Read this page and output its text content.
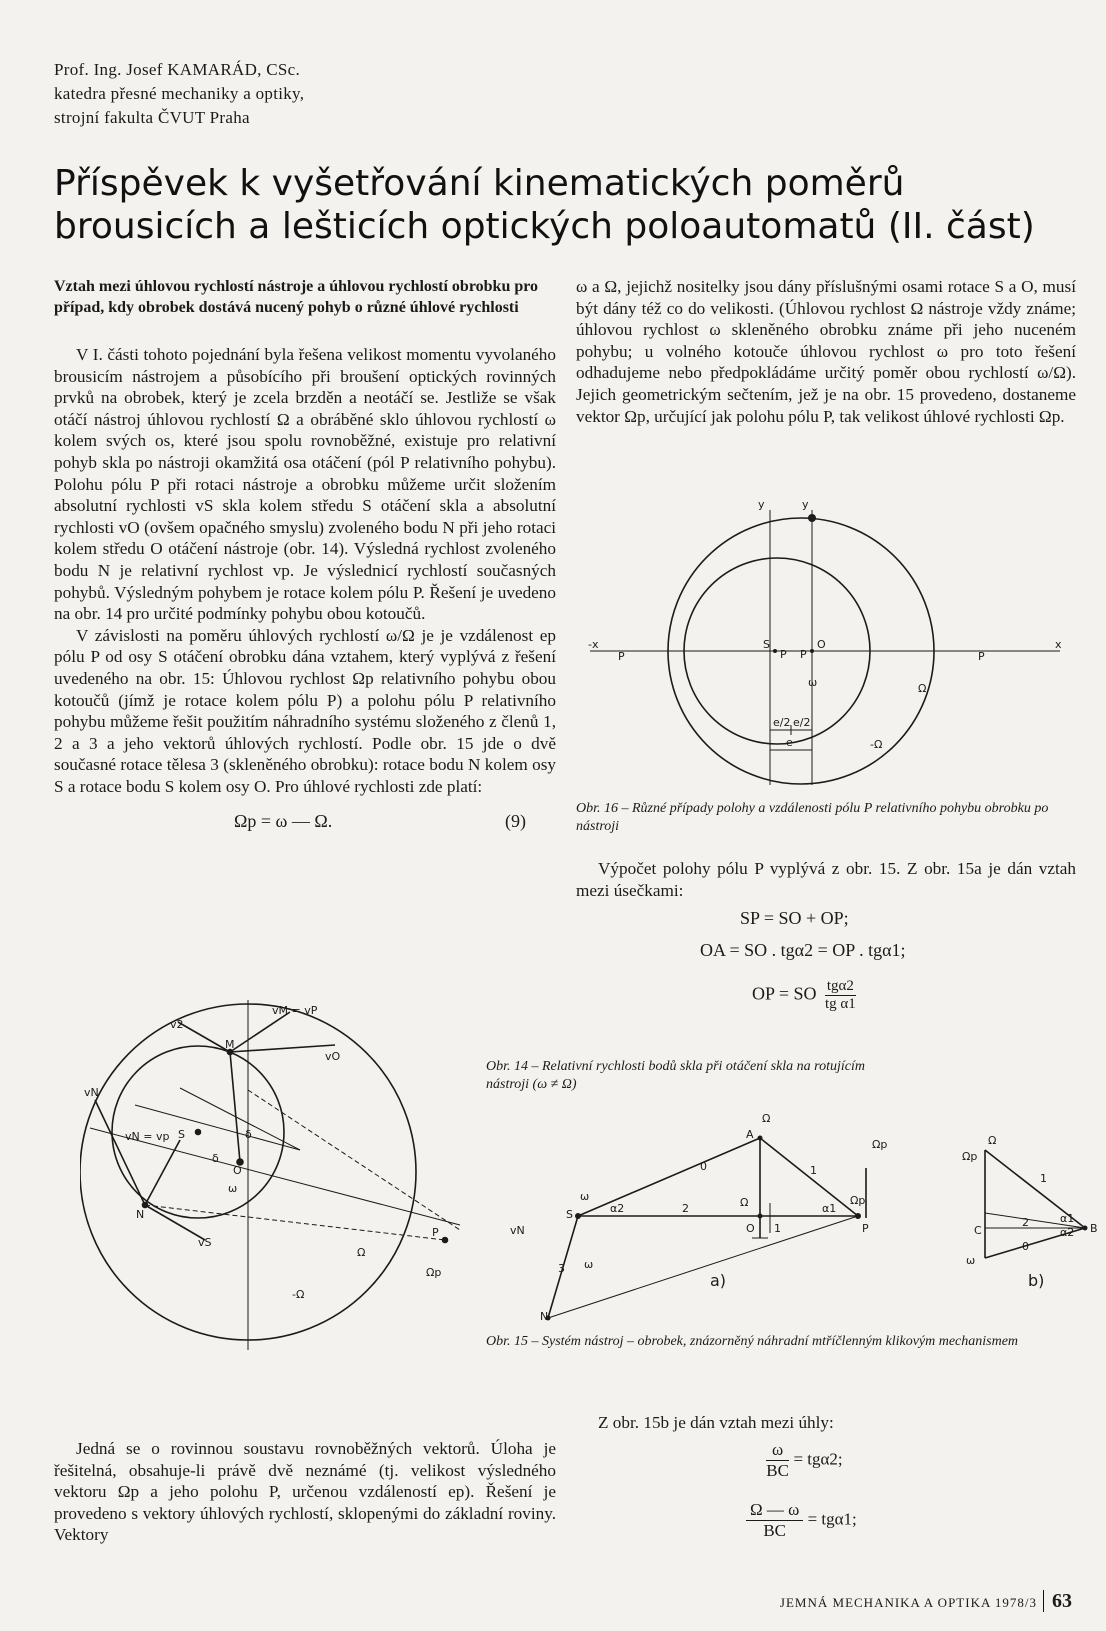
Prof. Ing. Josef KAMARÁD, CSc.
katedra přesné mechaniky a optiky,
strojní fakulta ČVUT Praha
Příspěvek k vyšetřování kinematických poměrů brousicích a lešticích optických poloautomatů (II. část)
Vztah mezi úhlovou rychlostí nástroje a úhlovou rychlostí obrobku pro případ, kdy obrobek dostává nucený pohyb o různé úhlové rychlosti

V I. části tohoto pojednání byla řešena velikost momentu vyvolaného brousicím nástrojem a působícího při broušení optických rovinných prvků na obrobek, který je zcela brzděn a neotáčí se. Jestliže se však otáčí nástroj úhlovou rychlostí Ω a obráběné sklo úhlovou rychlostí ω kolem svých os, které jsou spolu rovnoběžné, existuje pro relativní pohyb skla po nástroji okamžitá osa otáčení (pól P relativního pohybu). Polohu pólu P při rotaci nástroje a obrobku můžeme určit složením absolutní rychlosti vS skla kolem středu S otáčení skla a absolutní rychlosti vO (ovšem opačného smyslu) zvoleného bodu N při jeho rotaci kolem středu O otáčení nástroje (obr. 14). Výsledná rychlost zvoleného bodu N je relativní rychlost vp. Je výslednicí rychlostí současných pohybů. Výsledným pohybem je rotace kolem pólu P. Řešení je uvedeno na obr. 14 pro určité podmínky pohybu obou kotoučů.

V závislosti na poměru úhlových rychlostí ω/Ω je je vzdálenost ep pólu P od osy S otáčení obrobku dána vztahem, který vyplývá z řešení uvedeného na obr. 15: Úhlovou rychlost Ωp relativního pohybu obou kotoučů (jímž je rotace kolem pólu P) a polohu pólu P relativního pohybu můžeme řešit použitím náhradního systému složeného z členů 1, 2 a 3 a jeho vektorů úhlových rychlostí. Podle obr. 15 jde o dvě současné rotace tělesa 3 (skleněného obrobku): rotace bodu N kolem osy S a rotace bodu S kolem osy O. Pro úhlové rychlosti zde platí:

Ωp = ω — Ω.	(9)
vM = vP
v2
M
vO
vN
vN = vp S	δ
δ
O
ω
N
vS
P
Ω
-Ω
Ωp

Jedná se o rovinnou soustavu rovnoběžných vektorů. Úloha je řešitelná, obsahuje-li právě dvě neznámé (tj. velikost výsledného vektoru Ωp a jeho polohu P, určenou vzdáleností ep). Řešení je provedeno s vektory úhlových rychlostí, sklopenými do základní roviny. Vektory

ω a Ω, jejichž nositelky jsou dány příslušnými osami rotace S a O, musí být dány též co do velikosti. (Úhlovou rychlost Ω nástroje vždy známe; úhlovou rychlost ω skleněného obrobku známe při jeho nuceném pohybu; u volného kotouče úhlovou rychlost ω pro toto řešení odhadujeme nebo předpokládáme určitý poměr obou rychlostí ω/Ω). Jejich geometrickým sečtením, jež je na obr. 15 provedeno, dostaneme vektor Ωp, určující jak polohu pólu P, tak velikost úhlové rychlosti Ωp.

y	y
-x	x
P
S
P P
O
P
ω	Ω
-Ω
e/2 e/2
e
Obr. 16 – Různé případy polohy a vzdálenosti pólu P relativního pohybu obrobku po nástroji

Výpočet polohy pólu P vyplývá z obr. 15. Z obr. 15a je dán vztah mezi úsečkami:

SP = SO + OP;
OA = SO . tgα2 = OP . tgα1;
OP = SO tgα2
tg α1
Obr. 14 – Relativní rychlosti bodů skla při otáčení skla na rotujícím nástroji (ω ≠ Ω)
Ω
A
Ωp
0	1
ω
S	α2	2	Ω	α1
Ωp
vN
3
O 1	P
ω
N
a)
Ωp
Ω
C
1
2
0
α1
α2 B
ω
b)
Obr. 15 – Systém nástroj – obrobek, znázorněný náhradní mtříčlenným klikovým mechanismem

Z obr. 15b je dán vztah mezi úhly:

$\frac{\omega}{BC} = tg\alpha 2$;
$\frac{\Omega — \omega}{BC} = tg\alpha 1$;
JEMNÁ MECHANIKA A OPTIKA 1978/3 63
